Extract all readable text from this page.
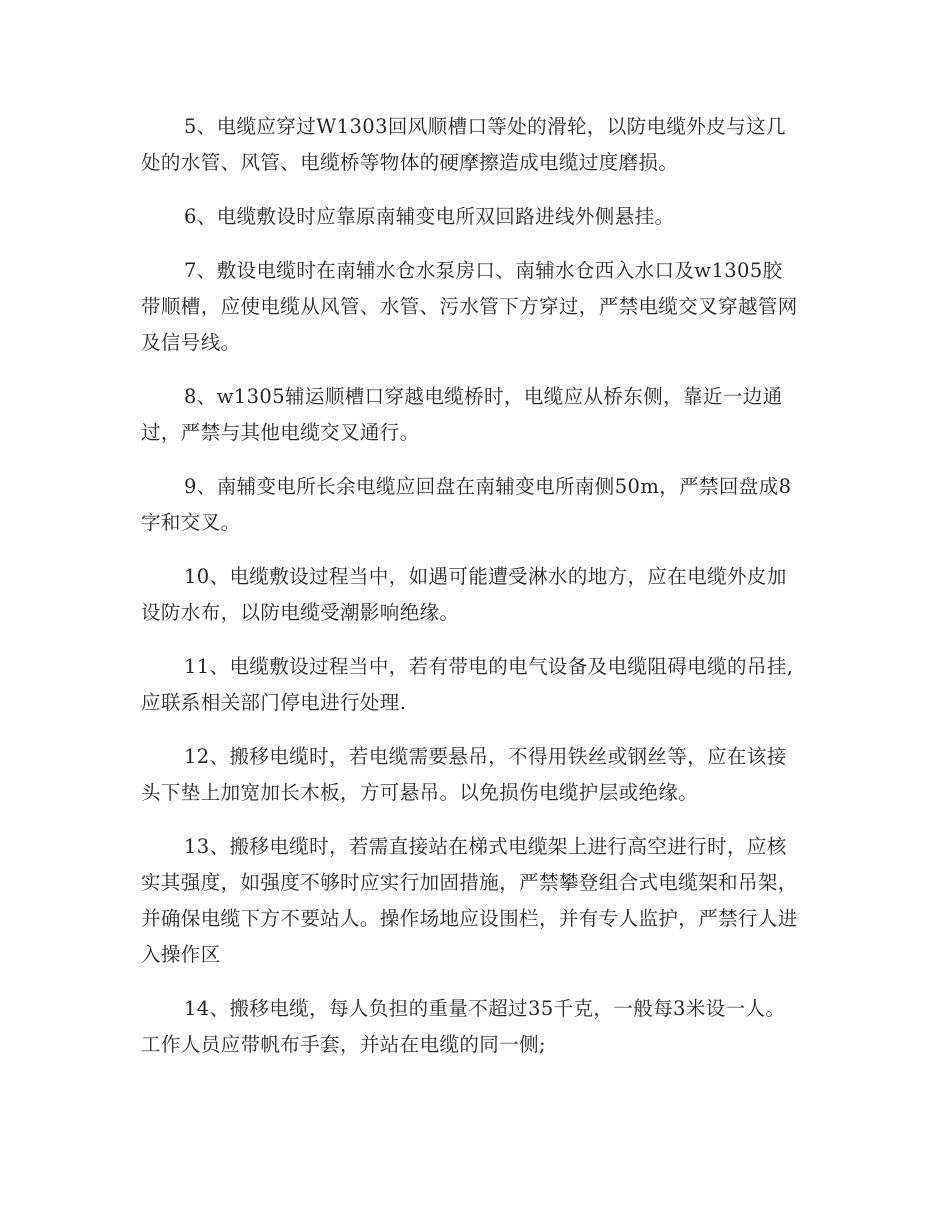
5、电缆应穿过W1303回风顺槽口等处的滑轮，以防电缆外皮与这几处的水管、风管、电缆桥等物体的硬摩擦造成电缆过度磨损。

6、电缆敷设时应靠原南辅变电所双回路进线外侧悬挂。

7、敷设电缆时在南辅水仓水泵房口、南辅水仓西入水口及w1305胶带顺槽，应使电缆从风管、水管、污水管下方穿过，严禁电缆交叉穿越管网及信号线。

8、w1305辅运顺槽口穿越电缆桥时，电缆应从桥东侧，靠近一边通过，严禁与其他电缆交叉通行。

9、南辅变电所长余电缆应回盘在南辅变电所南侧50m，严禁回盘成8字和交叉。

10、电缆敷设过程当中，如遇可能遭受淋水的地方，应在电缆外皮加设防水布，以防电缆受潮影响绝缘。

11、电缆敷设过程当中，若有带电的电气设备及电缆阻碍电缆的吊挂,应联系相关部门停电进行处理.

12、搬移电缆时，若电缆需要悬吊，不得用铁丝或钢丝等，应在该接头下垫上加宽加长木板，方可悬吊。以免损伤电缆护层或绝缘。

13、搬移电缆时，若需直接站在梯式电缆架上进行高空进行时，应核实其强度，如强度不够时应实行加固措施，严禁攀登组合式电缆架和吊架，并确保电缆下方不要站人。操作场地应设围栏，并有专人监护，严禁行人进入操作区

14、搬移电缆，每人负担的重量不超过35千克，一般每3米设一人。工作人员应带帆布手套，并站在电缆的同一侧;
